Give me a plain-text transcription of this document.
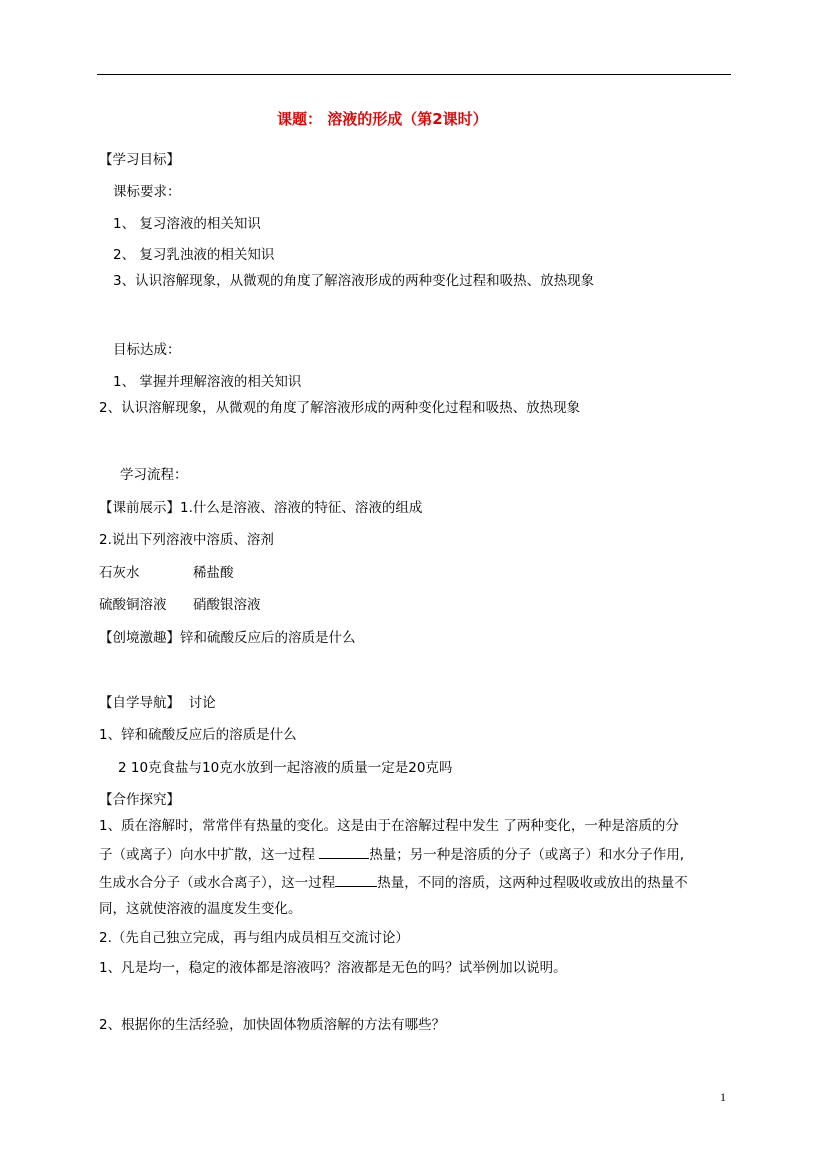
课题： 溶液的形成（第2课时）
【学习目标】
课标要求：
1、 复习溶液的相关知识
2、 复习乳浊液的相关知识
3、认识溶解现象，从微观的角度了解溶液形成的两种变化过程和吸热、放热现象
目标达成：
1、 掌握并理解溶液的相关知识
2、认识溶解现象，从微观的角度了解溶液形成的两种变化过程和吸热、放热现象
学习流程：
【课前展示】1.什么是溶液、溶液的特征、溶液的组成
2.说出下列溶液中溶质、溶剂
石灰水	稀盐酸
硫酸铜溶液 硝酸银溶液
【创境激趣】锌和硫酸反应后的溶质是什么
【自学导航】 讨论
1、锌和硫酸反应后的溶质是什么
2 10克食盐与10克水放到一起溶液的质量一定是20克吗
【合作探究】
1、质在溶解时，常常伴有热量的变化。这是由于在溶解过程中发生 了两种变化，一种是溶质的分
子（或离子）向水中扩散，这一过程	热量；另一种是溶质的分子（或离子）和水分子作用,
生成水合分子（或水合离子），这一过程	热量，不同的溶质，这两种过程吸收或放出的热量不
同，这就使溶液的温度发生变化。
2.（先自己独立完成，再与组内成员相互交流讨论）
1、凡是均一，稳定的液体都是溶液吗？溶液都是无色的吗？试举例加以说明。
2、根据你的生活经验，加快固体物质溶解的方法有哪些？
1
